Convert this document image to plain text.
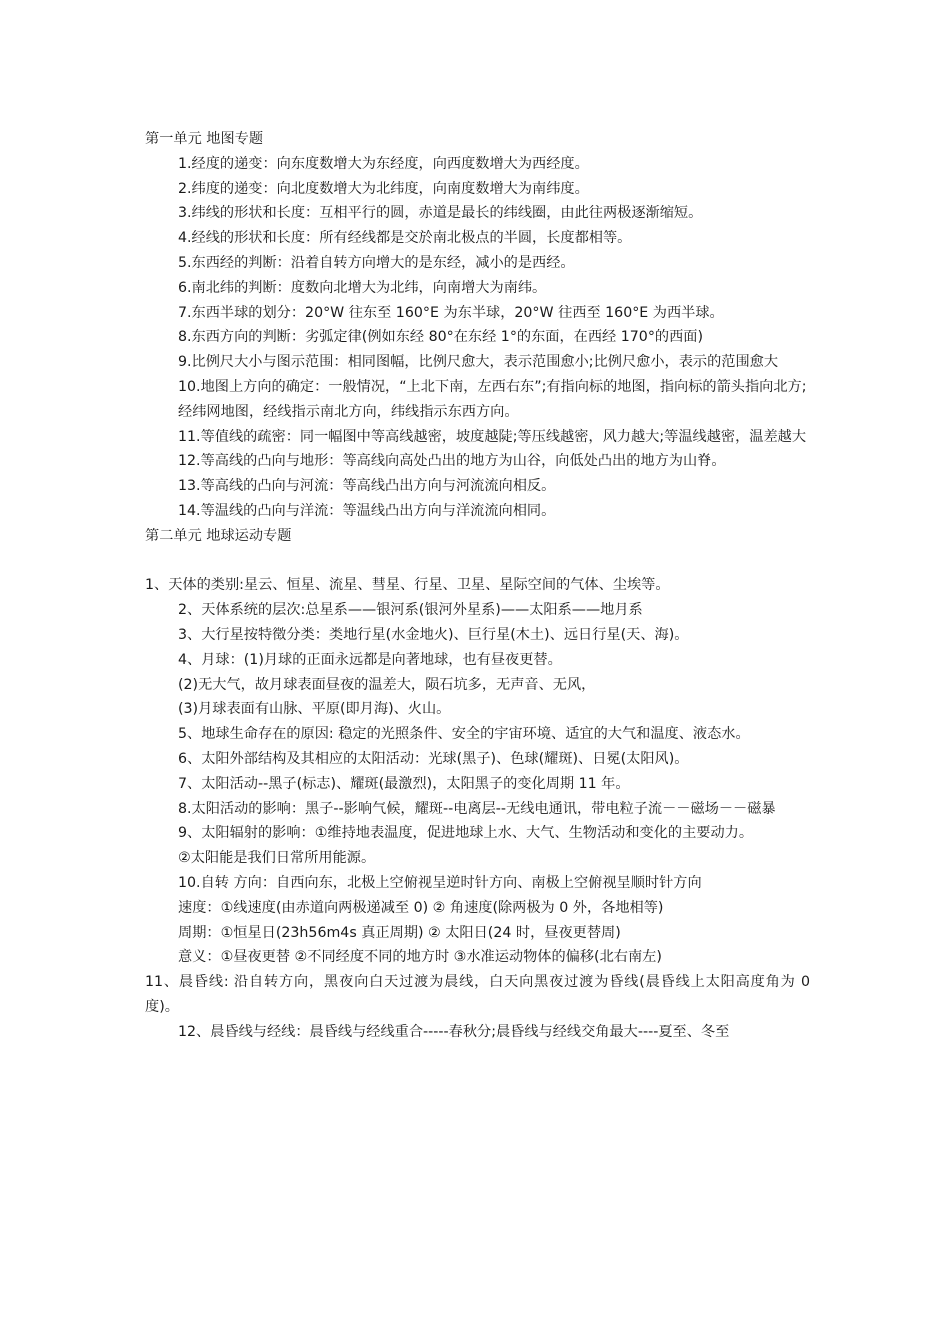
第一单元 地图专题

1.经度的递变：向东度数增大为东经度，向西度数增大为西经度。

2.纬度的递变：向北度数增大为北纬度，向南度数增大为南纬度。

3.纬线的形状和长度：互相平行的圆，赤道是最长的纬线圈，由此往两极逐渐缩短。

4.经线的形状和长度：所有经线都是交於南北极点的半圆，长度都相等。

5.东西经的判断：沿着自转方向增大的是东经，减小的是西经。

6.南北纬的判断：度数向北增大为北纬，向南增大为南纬。

7.东西半球的划分：20°W 往东至 160°E 为东半球，20°W 往西至 160°E 为西半球。

8.东西方向的判断：劣弧定律(例如东经 80°在东经 1°的东面，在西经 170°的西面)

9.比例尺大小与图示范围：相同图幅，比例尺愈大，表示范围愈小;比例尺愈小，表示的范围愈大

10.地图上方向的确定：一般情况，“上北下南，左西右东”;有指向标的地图，指向标的箭头指向北方;

经纬网地图，经线指示南北方向，纬线指示东西方向。

11.等值线的疏密：同一幅图中等高线越密，坡度越陡;等压线越密，风力越大;等温线越密，温差越大

12.等高线的凸向与地形：等高线向高处凸出的地方为山谷，向低处凸出的地方为山脊。

13.等高线的凸向与河流：等高线凸出方向与河流流向相反。

14.等温线的凸向与洋流：等温线凸出方向与洋流流向相同。

第二单元 地球运动专题

1、天体的类别:星云、恒星、流星、彗星、行星、卫星、星际空间的气体、尘埃等。

2、天体系统的层次:总星系——银河系(银河外星系)——太阳系——地月系

3、大行星按特徵分类：类地行星(水金地火)、巨行星(木土)、远日行星(天、海)。

4、月球：(1)月球的正面永远都是向著地球，也有昼夜更替。

(2)无大气，故月球表面昼夜的温差大，陨石坑多，无声音、无风，

(3)月球表面有山脉、平原(即月海)、火山。

5、地球生命存在的原因: 稳定的光照条件、安全的宇宙环境、适宜的大气和温度、液态水。

6、太阳外部结构及其相应的太阳活动：光球(黑子)、色球(耀斑)、日冕(太阳风)。

7、太阳活动--黑子(标志)、耀斑(最激烈)，太阳黑子的变化周期 11 年。

8.太阳活动的影响：黑子--影响气候，耀斑--电离层--无线电通讯，带电粒子流－－磁场－－磁暴

9、太阳辐射的影响：①维持地表温度，促进地球上水、大气、生物活动和变化的主要动力。

②太阳能是我们日常所用能源。

10.自转 方向：自西向东，北极上空俯视呈逆时针方向、南极上空俯视呈顺时针方向

速度：①线速度(由赤道向两极递减至 0) ② 角速度(除两极为 0 外，各地相等)

周期：①恒星日(23h56m4s 真正周期) ② 太阳日(24 时，昼夜更替周)

意义：①昼夜更替 ②不同经度不同的地方时 ③水准运动物体的偏移(北右南左)

11、晨昏线: 沿自转方向，黑夜向白天过渡为晨线，白天向黑夜过渡为昏线(晨昏线上太阳高度角为 0 度)。

12、晨昏线与经线：晨昏线与经线重合-----春秋分;晨昏线与经线交角最大----夏至、冬至
